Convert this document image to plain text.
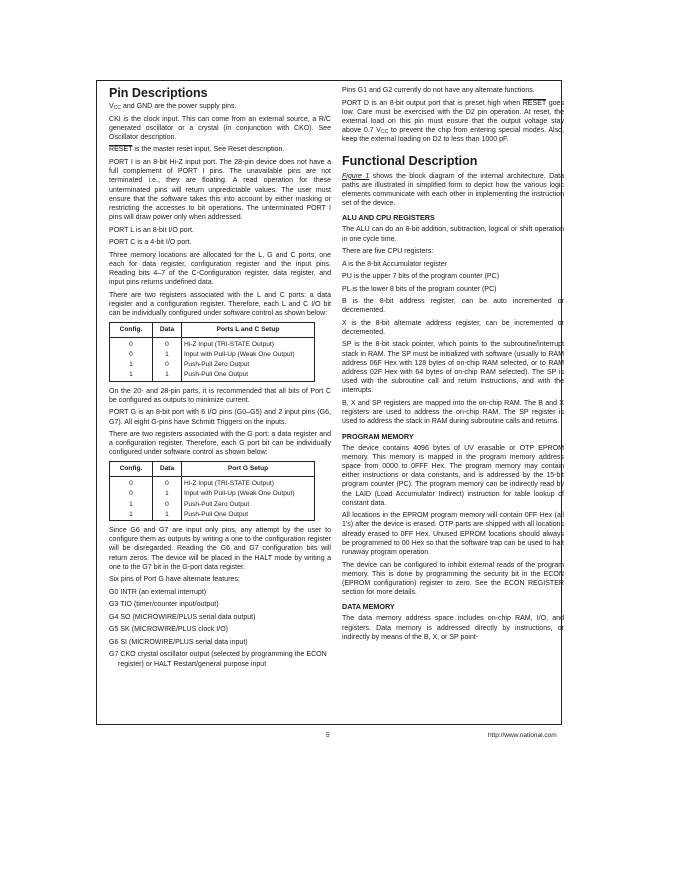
Pin Descriptions

$V_{CC}$ and GND are the power supply pins.

CKI is the clock input. This can come from an external source, a R/C generated oscillator or a crystal (in conjunction with CKO). See Oscillator description.

RESET is the master reset input. See Reset description.

PORT I is an 8-bit Hi-Z input port. The 28-pin device does not have a full complement of PORT I pins. The unavailable pins are not terminated i.e., they are floating. A read operation for these unterminated pins will return unpredictable values. The user must ensure that the software takes this into account by either masking or restricting the accesses to bit operations. The unterminated PORT I pins will draw power only when addressed.

PORT L is an 8-bit I/O port.

PORT C is a 4-bit I/O port.

Three memory locations are allocated for the L, G and C ports, one each for data register, configuration register and the input pins. Reading bits 4–7 of the C-Configuration register, data register, and input pins returns undefined data.

There are two registers associated with the L and C ports: a data register and a configuration register. Therefore, each L and C I/O bit can be individually configured under software control as shown below:

Config.	Data	Ports L and C Setup
0	0	Hi-Z Input (TRI-STATE Output)
0	1	Input with Pull-Up (Weak One Output)
1	0	Push-Pull Zero Output
1	1	Push-Pull One Output

On the 20- and 28-pin parts, it is recommended that all bits of Port C be configured as outputs to minimize current.

PORT G is an 8-bit port with 6 I/O pins (G0–G5) and 2 input pins (G6, G7). All eight G-pins have Schmitt Triggers on the inputs.

There are two registers associated with the G port: a data register and a configuration register. Therefore, each G port bit can be individually configured under software control as shown below:

Config.	Data	Port G Setup
0	0	Hi-Z Input (TRI-STATE Output)
0	1	Input with Pull-Up (Weak One Output)
1	0	Push-Pull Zero Output
1	1	Push-Pull One Output

Since G6 and G7 are input only pins, any attempt by the user to configure them as outputs by writing a one to the configuration register will be disregarded. Reading the G6 and G7 configuration bits will return zeros. The device will be placed in the HALT mode by writing a one to the G7 bit in the G-port data register.

Six pins of Port G have alternate features:

G0 INTR (an external interrupt)

G3 TIO (timer/counter input/output)

G4 SO (MICROWIRE/PLUS serial data output)

G5 SK (MICROWIRE/PLUS clock I/O)

G6 SI (MICROWIRE/PLUS serial data input)

G7 CKO crystal oscillator output (selected by programming the ECON register) or HALT Restart/general purpose input

Pins G1 and G2 currently do not have any alternate functions.

PORT D is an 8-bit output port that is preset high when RESET goes low. Care must be exercised with the D2 pin operation. At reset, the external load on this pin must ensure that the output voltage stay above 0.7 $V_{CC}$ to prevent the chip from entering special modes. Also, keep the external loading on D2 to less than 1000 pF.

Functional Description

Figure 1 shows the block diagram of the internal architecture. Data paths are illustrated in simplified form to depict how the various logic elements communicate with each other in implementing the instruction set of the device.

ALU AND CPU REGISTERS

The ALU can do an 8-bit addition, subtraction, logical or shift operation in one cycle time.

There are five CPU registers:

A is the 8-bit Accumulator register

PU is the upper 7 bits of the program counter (PC)

PL is the lower 8 bits of the program counter (PC)

B is the 8-bit address register, can be auto incremented or decremented.

X is the 8-bit alternate address register, can be incremented or decremented.

SP is the 8-bit stack pointer, which points to the subroutine/interrupt stack in RAM. The SP must be initialized with software (usually to RAM address 06F Hex with 128 bytes of on-chip RAM selected, or to RAM address 02F Hex with 64 bytes of on-chip RAM selected). The SP is used with the subroutine call and return instructions, and with the interrupts.

B, X and SP registers are mapped into the on-chip RAM. The B and X registers are used to address the on-chip RAM. The SP register is used to address the stack in RAM during subroutine calls and returns.

PROGRAM MEMORY

The device contains 4096 bytes of UV erasable or OTP EPROM memory. This memory is mapped in the program memory address space from 0000 to 0FFF Hex. The program memory may contain either instructions or data constants, and is addressed by the 15-bit program counter (PC). The program memory can be indirectly read by the LAID (Load Accumulator Indirect) instruction for table lookup of constant data.

All locations in the EPROM program memory will contain 0FF Hex (all 1's) after the device is erased. OTP parts are shipped with all locations already erased to 0FF Hex. Unused EPROM locations should always be programmed to 00 Hex so that the software trap can be used to halt runaway program operation.

The device can be configured to inhibit external reads of the program memory. This is done by programming the security bit in the ECON (EPROM configuration) register to zero. See the ECON REGISTER section for more details.

DATA MEMORY

The data memory address space includes on-chip RAM, I/O, and registers. Data memory is addressed directly by instructions, or indirectly by means of the B, X, or SP point-

5	http://www.national.com
